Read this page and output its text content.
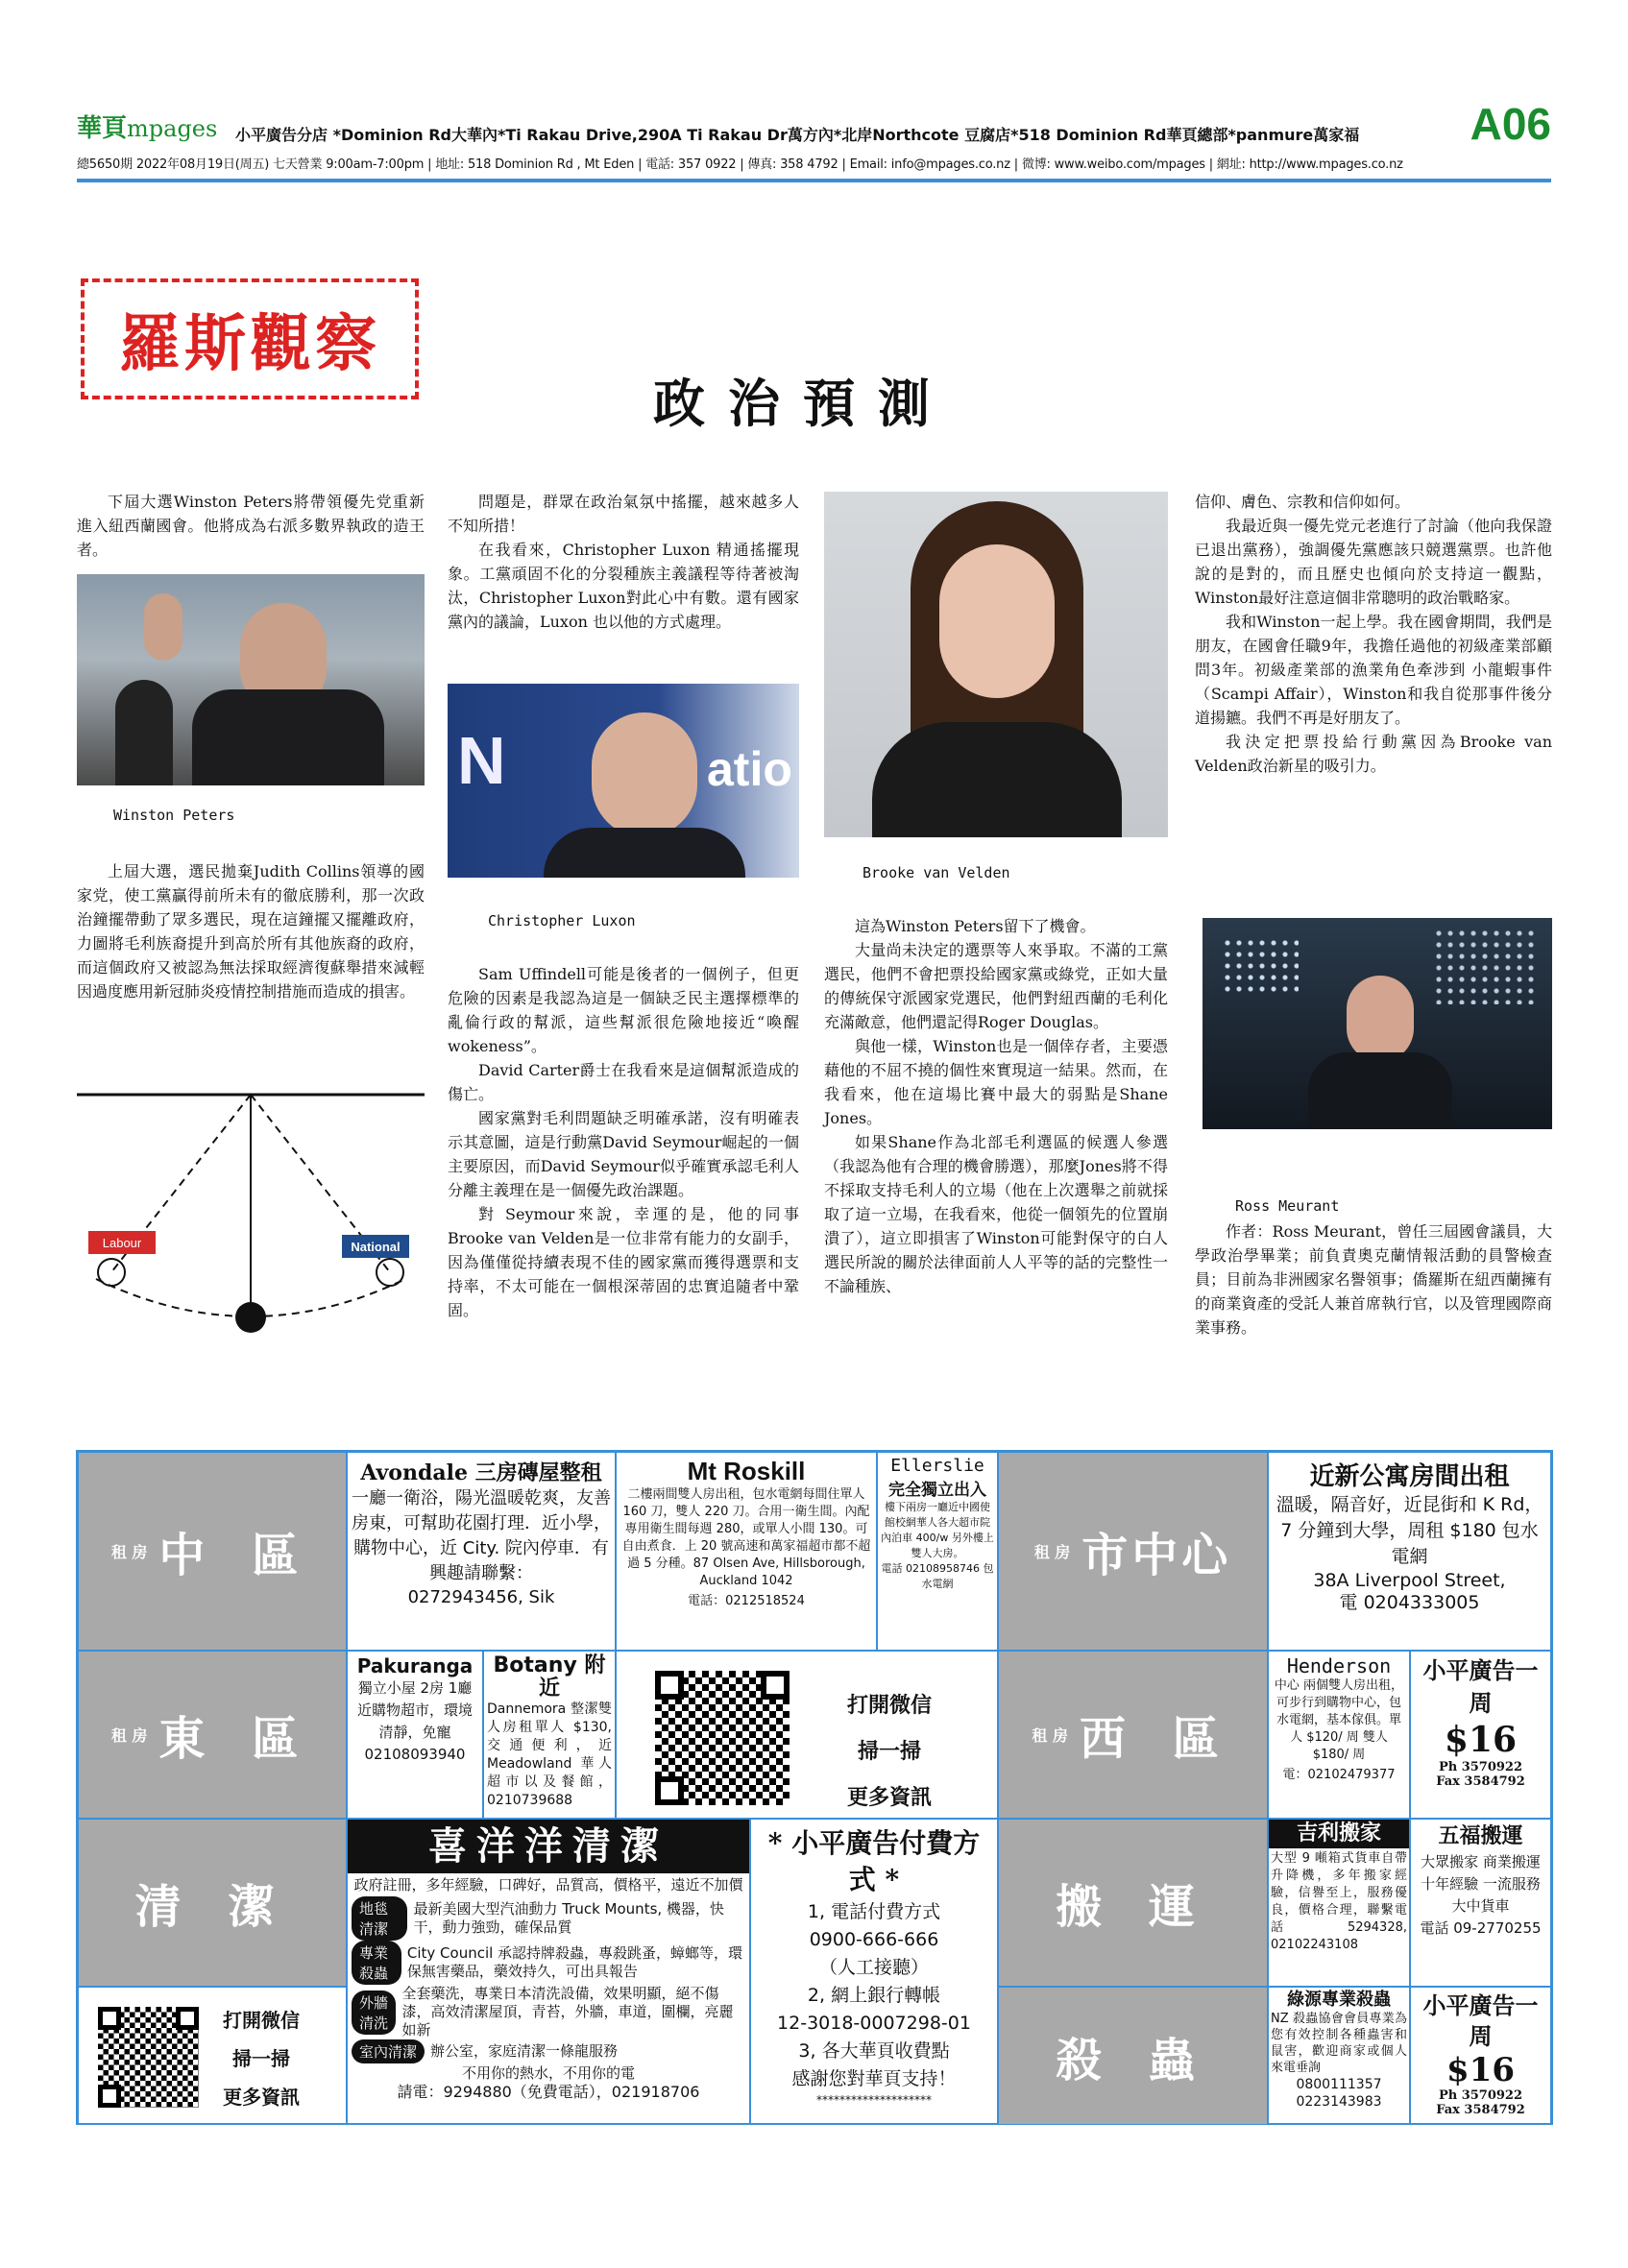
華頁mpages 小平廣告分店 *Dominion Rd大華內*Ti Rakau Drive,290A Ti Rakau Dr萬方內*北岸Northcote 豆腐店*518 Dominion Rd華頁總部*panmure萬家福	A06
總5650期 2022年08月19日(周五) 七天營業 9:00am-7:00pm | 地址: 518 Dominion Rd , Mt Eden | 電話: 357 0922 | 傳真: 358 4792 | Email: info@mpages.co.nz | 微博: www.weibo.com/mpages | 網址: http://www.mpages.co.nz
羅斯觀察
政治預測

下屆大選Winston Peters將帶領優先党重新進入紐西蘭國會。他將成為右派多數界執政的造王者。

Winston Peters

上屆大選，選民拋棄Judith Collins領導的國家党，使工黨贏得前所未有的徹底勝利，那一次政治鐘擺帶動了眾多選民，現在這鐘擺又擺離政府，力圖將毛利族裔提升到高於所有其他族裔的政府，而這個政府又被認為無法採取經濟復蘇舉措來減輕因過度應用新冠肺炎疫情控制措施而造成的損害。

Labour	National

問題是，群眾在政治氣氛中搖擺，越來越多人不知所措！

在我看來，Christopher Luxon 精通搖擺現象。工黨頑固不化的分裂種族主義議程等待著被淘汰，Christopher Luxon對此心中有數。還有國家黨內的議論，Luxon 也以他的方式處理。

N	atio
Christopher Luxon

Sam Uffindell可能是後者的一個例子，但更危險的因素是我認為這是一個缺乏民主選擇標準的亂倫行政的幫派，這些幫派很危險地接近“喚醒wokeness”。

David Carter爵士在我看來是這個幫派造成的傷亡。

國家黨對毛利問題缺乏明確承諾，沒有明確表示其意圖，這是行動黨David Seymour崛起的一個主要原因，而David Seymour似乎確實承認毛利人分離主義理在是一個優先政治課題。

對 Seymour來說，幸運的是，他的同事Brooke van Velden是一位非常有能力的女副手，因為僅僅從持續表現不佳的國家黨而獲得選票和支持率，不太可能在一個根深蒂固的忠實追隨者中鞏固。

Brooke van Velden

這為Winston Peters留下了機會。

大量尚未決定的選票等人來爭取。不滿的工黨選民，他們不會把票投給國家黨或綠党，正如大量的傳統保守派國家党選民，他們對紐西蘭的毛利化充滿敵意，他們還記得Roger Douglas。

與他一樣，Winston也是一個倖存者，主要憑藉他的不屈不撓的個性來實現這一結果。然而，在我看來，他在這場比賽中最大的弱點是Shane Jones。

如果Shane作為北部毛利選區的候選人參選（我認為他有合理的機會勝選），那麼Jones將不得不採取支持毛利人的立場（他在上次選舉之前就採取了這一立場，在我看來，他從一個領先的位置崩潰了），這立即損害了Winston可能對保守的白人選民所說的關於法律面前人人平等的話的完整性一不論種族、

信仰、膚色、宗教和信仰如何。

我最近與一優先党元老進行了討論（他向我保證已退出黨務），強調優先黨應該只競選黨票。也許他說的是對的，而且歷史也傾向於支持這一觀點，Winston最好注意這個非常聰明的政治戰略家。

我和Winston一起上學。我在國會期間，我們是朋友，在國會任職9年，我擔任過他的初級產業部顧問3年。初級產業部的漁業角色牽涉到 小龍蝦事件（Scampi Affair），Winston和我自從那事件後分道揚鑣。我們不再是好朋友了。

我決定把票投給行動黨因為Brooke van Velden政治新星的吸引力。

Ross Meurant

作者：Ross Meurant，曾任三屆國會議員，大學政治學畢業；前負責奧克蘭情報活動的員警檢查員；目前為非洲國家名譽領事；僑羅斯在紐西蘭擁有的商業資產的受託人兼首席執行官，以及管理國際商業事務。

租 房 中 區
Avondale 三房磚屋整租
一廳一衛浴，陽光溫暖乾爽，友善房東，可幫助花園打理．近小學，購物中心，近 City. 院內停車．有興趣請聯繫：
0272943456, Sik
Mt Roskill
二樓兩間雙人房出租，包水電網每間住單人 160 刀，雙人 220 刀。合用一衛生間。內配專用衛生間每週 280，或單人小間 130。可自由煮食．上 20 號高速和萬家福超市都不超過 5 分種。87 Olsen Ave, Hillsborough, Auckland 1042
電話：0212518524
Ellerslie
完全獨立出入
樓下兩房一廳近中國使館校網華人各大超市院內泊車 400/w 另外樓上雙人大房。
電話 02108958746 包水電網
租 房 市中心
近新公寓房間出租
溫暖，隔音好，近昆街和 K Rd，7 分鐘到大學，周租 $180 包水電網
38A Liverpool Street,
電 0204333005
租 房 東 區
Pakuranga
獨立小屋 2房 1廳 近購物超市，環境清靜，免寵
02108093940
Botany 附近
Dannemora 整潔雙人房租單人 $130, 交通便利，近 Meadowland 華人超市以及餐館，0210739688
打開微信
掃一掃
更多資訊
租 房 西 區
Henderson
中心 兩個雙人房出租，可步行到購物中心，包水電網，基本傢俱。單人 $120/ 周 雙人 $180/ 周
電：02102479377
小平廣告一周
$16
Ph 3570922
Fax 3584792
清 潔
打開微信
掃一掃
更多資訊
喜洋洋清潔
政府註冊，多年經驗，口碑好，品質高，價格平，遠近不加價
地毯清潔
最新美國大型汽油動力 Truck Mounts, 機器，快干，動力強勁，確保品質
專業殺蟲
City Council 承認持牌殺蟲，專殺跳蚤，蟑螂等，環保無害藥品，藥效持久，可出具報告
外牆清洗
全套藥洗，專業日本清洗設備，效果明顯，絕不傷漆，高效清潔屋頂，青苔，外牆，車道，圍欄，亮麗如新
室內清潔 辦公室，家庭清潔一條龍服務
不用你的熱水，不用你的電
請電：9294880（免費電話），021918706
* 小平廣告付費方式 *
1, 電話付費方式
0900-666-666
（人工接聽）
2, 網上銀行轉帳
12-3018-0007298-01
3, 各大華頁收費點
感謝您對華頁支持！
********************
搬 運
殺 蟲
吉利搬家
大型 9 噸箱式貨車自帶升降機，多年搬家經驗，信譽至上，服務優良，價格合理，聯繫電話 5294328, 02102243108
五福搬運
大眾搬家 商業搬運 十年經驗 一流服務 大中貨車
電話 09-2770255
綠源專業殺蟲
NZ 殺蟲協會會員專業為您有效控制各種蟲害和鼠害，歡迎商家或個人來電垂詢
0800111357
0223143983
小平廣告一周
$16
Ph 3570922
Fax 3584792
